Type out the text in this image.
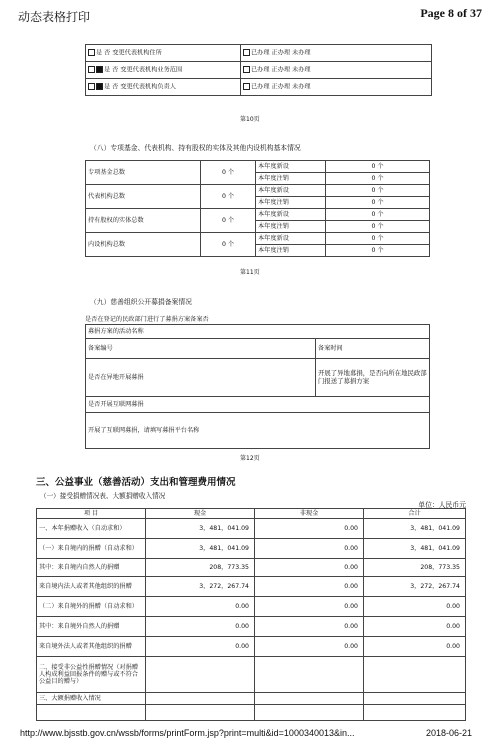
动态表格打印	Page 8 of 37
是 否 变更代表机构住所	已办理 正办理 未办理
是 否 变更代表机构业务范围	已办理 正办理 未办理
是 否 变更代表机构负责人	已办理 正办理 未办理
第10页
（八）专项基金、代表机构、持有股权的实体及其他内设机构基本情况
专项基金总数	0 个	本年度新设	0 个
		本年度注销	0 个
代表机构总数	0 个	本年度新设	0 个
		本年度注销	0 个
持有股权的实体总数	0 个	本年度新设	0 个
		本年度注销	0 个
内设机构总数	0 个	本年度新设	0 个
		本年度注销	0 个
第11页
（九）慈善组织公开募捐备案情况
是否在登记的民政部门进行了募捐方案备案否
募捐方案的活动名称	
备案编号	备案时间
是否在异地开展募捐	开展了异地募捐，是否向所在地民政部门报送了募捐方案
是否开展互联网募捐	
开展了互联网募捐，请填写募捐平台名称	
第12页
三、公益事业（慈善活动）支出和管理费用情况
（一）接受捐赠情况表、大额捐赠收入情况
单位：人民币元
项 目	现金	非现金	合计
一、本年捐赠收入（自动求和）	3，481，041.09	0.00	3，481，041.09
（一）来自境内的捐赠（自动求和）	3，481，041.09	0.00	3，481，041.09
其中：来自境内自然人的捐赠	208，773.35	0.00	208，773.35
来自境内法人或者其他组织的捐赠	3，272，267.74	0.00	3，272，267.74
（二）来自境外的捐赠（自动求和）	0.00	0.00	0.00
其中：来自境外自然人的捐赠	0.00	0.00	0.00
来自境外法人或者其他组织的捐赠	0.00	0.00	0.00
二、接受非公益性捐赠情况（对捐赠人构成利益回报条件的赠与或不符合公益目的赠与）			
三、大额捐赠收入情况			

http://www.bjsstb.gov.cn/wssb/forms/printForm.jsp?print=multi&id=1000340013&in...	2018-06-21
